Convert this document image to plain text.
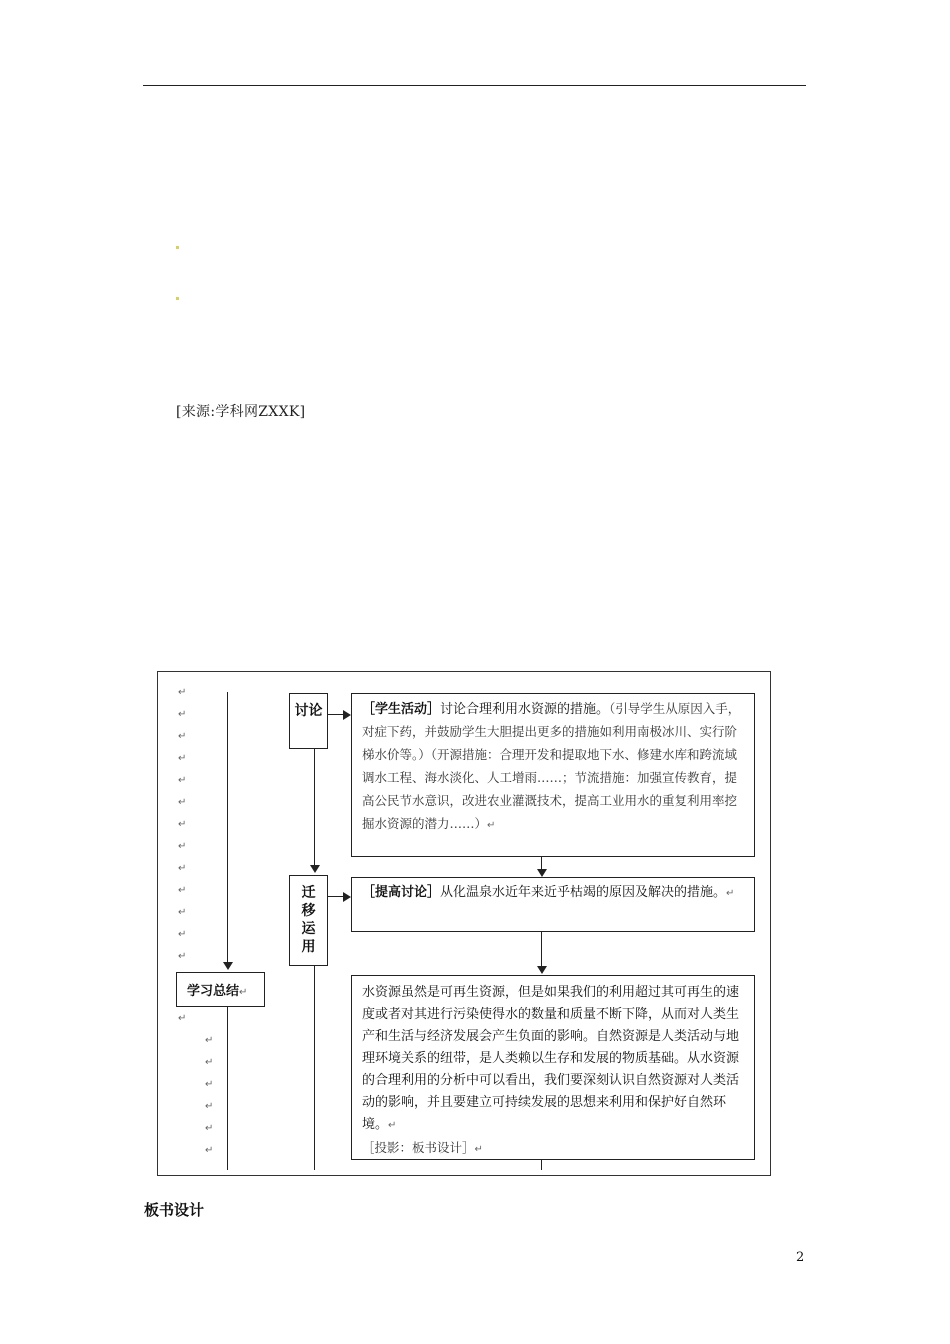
[来源:学科网ZXXK]
↵
↵
↵
↵
↵
↵
↵
↵
↵
↵
↵
↵
↵
↵
↵
↵
↵
↵
↵
↵
学习总结↵
讨论
迁移运用
［学生活动］讨论合理利用水资源的措施。（引导学生从原因入手，对症下药，并鼓励学生大胆提出更多的措施如利用南极冰川、实行阶梯水价等。）（开源措施：合理开发和提取地下水、修建水库和跨流域调水工程、海水淡化、人工增雨……；节流措施：加强宣传教育，提高公民节水意识，改进农业灌溉技术，提高工业用水的重复利用率挖掘水资源的潜力……）↵
［提高讨论］从化温泉水近年来近乎枯竭的原因及解决的措施。↵
水资源虽然是可再生资源，但是如果我们的利用超过其可再生的速度或者对其进行污染使得水的数量和质量不断下降，从而对人类生产和生活与经济发展会产生负面的影响。自然资源是人类活动与地理环境关系的纽带，是人类赖以生存和发展的物质基础。从水资源的合理利用的分析中可以看出，我们要深刻认识自然资源对人类活动的影响，并且要建立可持续发展的思想来利用和保护好自然环境。↵
［投影：板书设计］↵
板书设计
2
